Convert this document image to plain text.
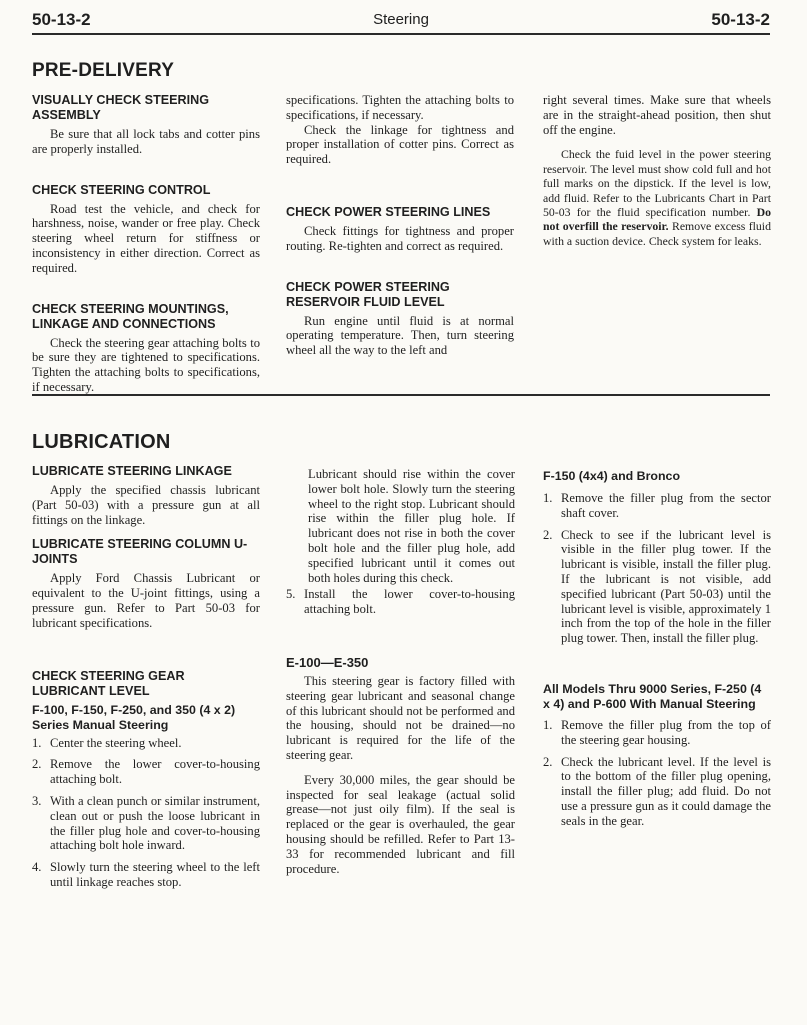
50-13-2	Steering	50-13-2
PRE-DELIVERY
VISUALLY CHECK STEERING ASSEMBLY

Be sure that all lock tabs and cotter pins are properly installed.

CHECK STEERING CONTROL

Road test the vehicle, and check for harshness, noise, wander or free play. Check steering wheel return for stiffness or inconsistency in either direction. Correct as required.

CHECK STEERING MOUNTINGS, LINKAGE AND CONNECTIONS

Check the steering gear attaching bolts to be sure they are tightened to specifications. Tighten the attaching bolts to specifications, if necessary.

specifications. Tighten the attaching bolts to specifications, if necessary.

Check the linkage for tightness and proper installation of cotter pins. Correct as required.

CHECK POWER STEERING LINES

Check fittings for tightness and proper routing. Re-tighten and correct as required.

CHECK POWER STEERING RESERVOIR FLUID LEVEL

Run engine until fluid is at normal operating temperature. Then, turn steering wheel all the way to the left and

right several times. Make sure that wheels are in the straight-ahead position, then shut off the engine.

Check the fuid level in the power steering reservoir. The level must show cold full and hot full marks on the dipstick. If the level is low, add fluid. Refer to the Lubricants Chart in Part 50-03 for the fluid specification number. Do not overfill the reservoir. Remove excess fluid with a suction device. Check system for leaks.

LUBRICATION
LUBRICATE STEERING LINKAGE

Apply the specified chassis lubricant (Part 50-03) with a pressure gun at all fittings on the linkage.

LUBRICATE STEERING COLUMN U-JOINTS

Apply Ford Chassis Lubricant or equivalent to the U-joint fittings, using a pressure gun. Refer to Part 50-03 for lubricant specifications.

CHECK STEERING GEAR LUBRICANT LEVEL
F-100, F-150, F-250, and 350 (4 x 2) Series Manual Steering
1. Center the steering wheel.
2. Remove the lower cover-to-housing attaching bolt.
3. With a clean punch or similar instrument, clean out or push the loose lubricant in the filler plug hole and cover-to-housing attaching bolt hole inward.
4. Slowly turn the steering wheel to the left until linkage reaches stop.

Lubricant should rise within the cover lower bolt hole. Slowly turn the steering wheel to the right stop. Lubricant should rise within the filler plug hole. If lubricant does not rise in both the cover bolt hole and the filler plug hole, add specified lubricant until it comes out both holes during this check.

5. Install the lower cover-to-housing attaching bolt.
E-100—E-350

This steering gear is factory filled with steering gear lubricant and seasonal change of this lubricant should not be performed and the housing, should not be drained—no lubricant is required for the life of the steering gear.

Every 30,000 miles, the gear should be inspected for seal leakage (actual solid grease—not just oily film). If the seal is replaced or the gear is overhauled, the gear housing should be refilled. Refer to Part 13-33 for recommended lubricant and fill procedure.

F-150 (4x4) and Bronco
1. Remove the filler plug from the sector shaft cover.
2. Check to see if the lubricant level is visible in the filler plug tower. If the lubricant is visible, install the filler plug. If the lubricant is not visible, add specified lubricant (Part 50-03) until the lubricant level is visible, approximately 1 inch from the top of the hole in the filler plug tower. Then, install the filler plug.
All Models Thru 9000 Series, F-250 (4 x 4) and P-600 With Manual Steering
1. Remove the filler plug from the top of the steering gear housing.
2. Check the lubricant level. If the level is to the bottom of the filler plug opening, install the filler plug; add fluid. Do not use a pressure gun as it could damage the seals in the gear.
